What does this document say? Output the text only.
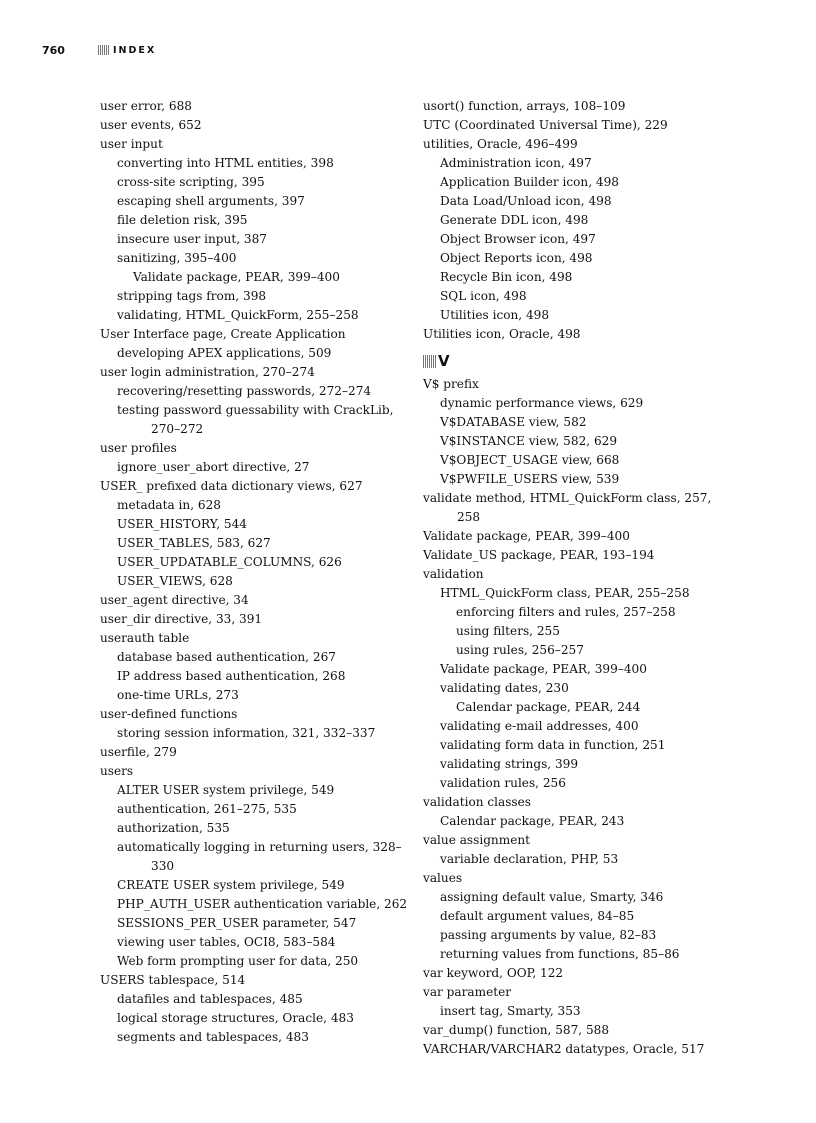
760	INDEX
user error, 688
user events, 652
user input
converting into HTML entities, 398
cross-site scripting, 395
escaping shell arguments, 397
file deletion risk, 395
insecure user input, 387
sanitizing, 395–400
Validate package, PEAR, 399–400
stripping tags from, 398
validating, HTML_QuickForm, 255–258
User Interface page, Create Application
developing APEX applications, 509
user login administration, 270–274
recovering/resetting passwords, 272–274
testing password guessability with CrackLib, 270–272
user profiles
ignore_user_abort directive, 27
USER_ prefixed data dictionary views, 627
metadata in, 628
USER_HISTORY, 544
USER_TABLES, 583, 627
USER_UPDATABLE_COLUMNS, 626
USER_VIEWS, 628
user_agent directive, 34
user_dir directive, 33, 391
userauth table
database based authentication, 267
IP address based authentication, 268
one-time URLs, 273
user-defined functions
storing session information, 321, 332–337
userfile, 279
users
ALTER USER system privilege, 549
authentication, 261–275, 535
authorization, 535
automatically logging in returning users, 328–330
CREATE USER system privilege, 549
PHP_AUTH_USER authentication variable, 262
SESSIONS_PER_USER parameter, 547
viewing user tables, OCI8, 583–584
Web form prompting user for data, 250
USERS tablespace, 514
datafiles and tablespaces, 485
logical storage structures, Oracle, 483
segments and tablespaces, 483
usort() function, arrays, 108–109
UTC (Coordinated Universal Time), 229
utilities, Oracle, 496–499
Administration icon, 497
Application Builder icon, 498
Data Load/Unload icon, 498
Generate DDL icon, 498
Object Browser icon, 497
Object Reports icon, 498
Recycle Bin icon, 498
SQL icon, 498
Utilities icon, 498
Utilities icon, Oracle, 498
V
V$ prefix
dynamic performance views, 629
V$DATABASE view, 582
V$INSTANCE view, 582, 629
V$OBJECT_USAGE view, 668
V$PWFILE_USERS view, 539
validate method, HTML_QuickForm class, 257, 258
Validate package, PEAR, 399–400
Validate_US package, PEAR, 193–194
validation
HTML_QuickForm class, PEAR, 255–258
enforcing filters and rules, 257–258
using filters, 255
using rules, 256–257
Validate package, PEAR, 399–400
validating dates, 230
Calendar package, PEAR, 244
validating e-mail addresses, 400
validating form data in function, 251
validating strings, 399
validation rules, 256
validation classes
Calendar package, PEAR, 243
value assignment
variable declaration, PHP, 53
values
assigning default value, Smarty, 346
default argument values, 84–85
passing arguments by value, 82–83
returning values from functions, 85–86
var keyword, OOP, 122
var parameter
insert tag, Smarty, 353
var_dump() function, 587, 588
VARCHAR/VARCHAR2 datatypes, Oracle, 517
